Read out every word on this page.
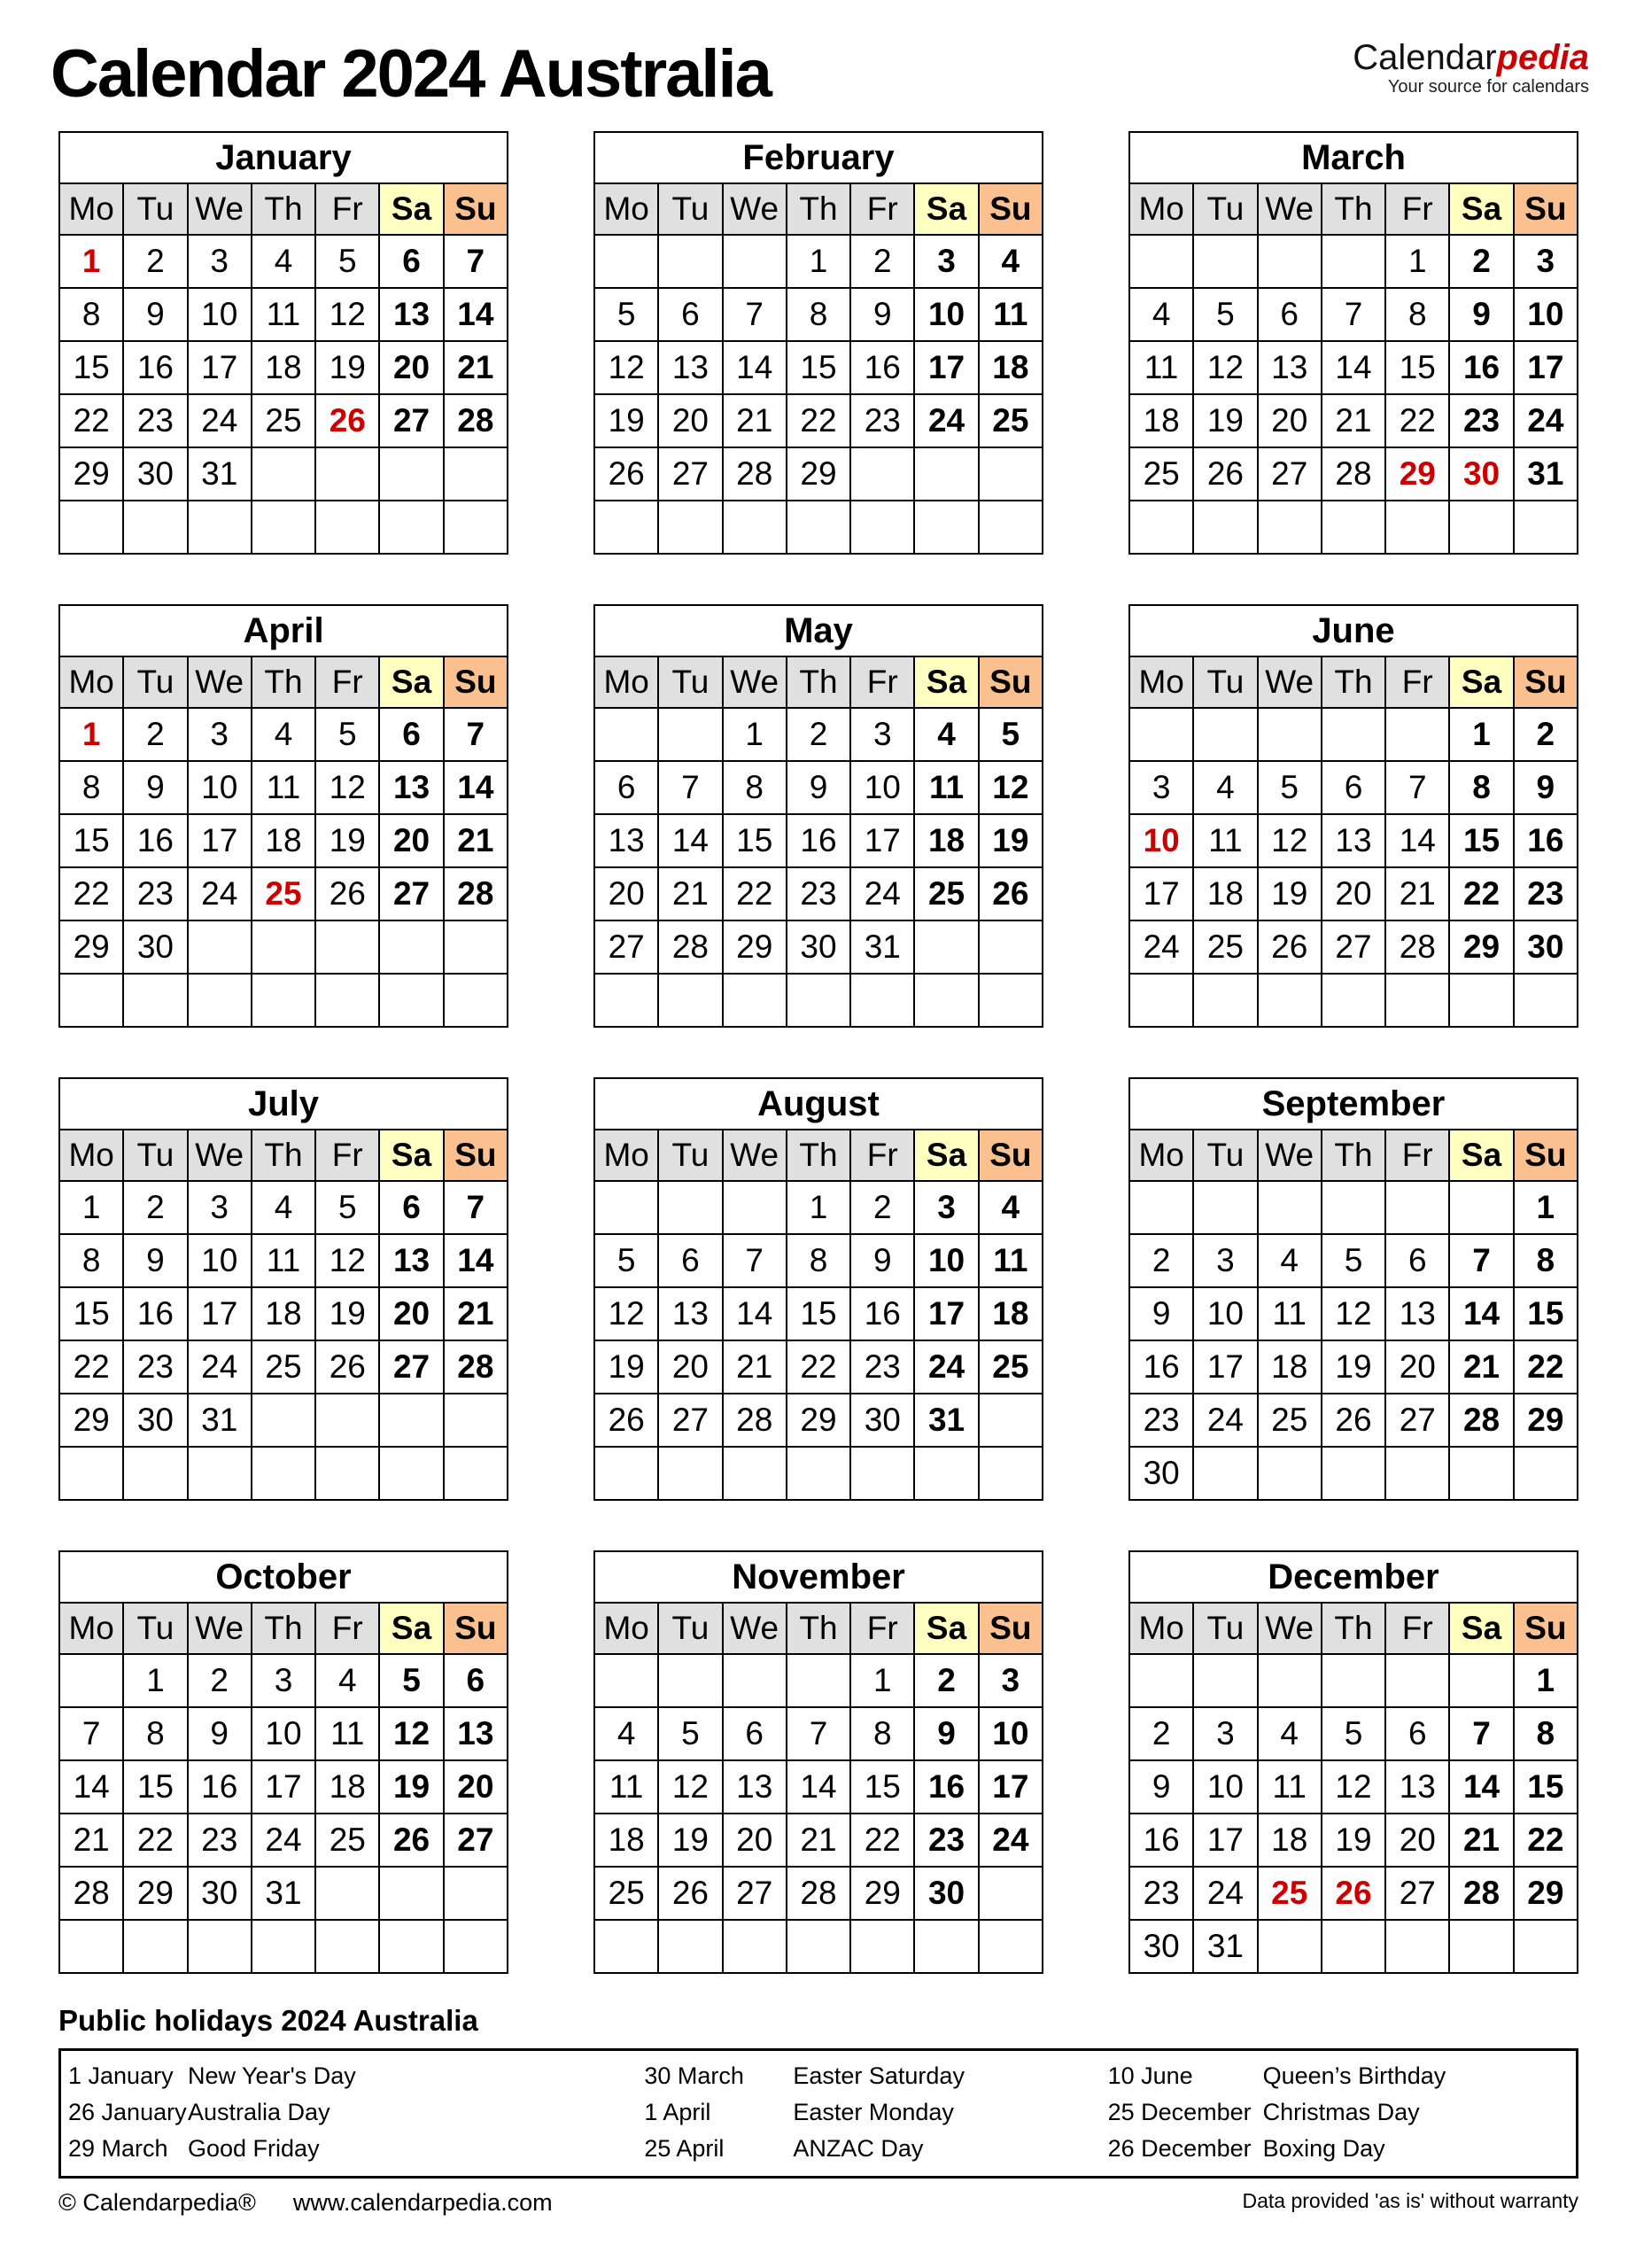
Calendar 2024 Australia	Calendarpedia
Your source for calendars
January						
Mo	Tu	We	Th	Fr	Sa	Su
1	2	3	4	5	6	7
8	9	10	11	12	13	14
15	16	17	18	19	20	21
22	23	24	25	26	27	28
29	30	31				

February						
Mo	Tu	We	Th	Fr	Sa	Su
			1	2	3	4
5	6	7	8	9	10	11
12	13	14	15	16	17	18
19	20	21	22	23	24	25
26	27	28	29			

March						
Mo	Tu	We	Th	Fr	Sa	Su
				1	2	3
4	5	6	7	8	9	10
11	12	13	14	15	16	17
18	19	20	21	22	23	24
25	26	27	28	29	30	31

April						
Mo	Tu	We	Th	Fr	Sa	Su
1	2	3	4	5	6	7
8	9	10	11	12	13	14
15	16	17	18	19	20	21
22	23	24	25	26	27	28
29	30					

May						
Mo	Tu	We	Th	Fr	Sa	Su
		1	2	3	4	5
6	7	8	9	10	11	12
13	14	15	16	17	18	19
20	21	22	23	24	25	26
27	28	29	30	31		

June						
Mo	Tu	We	Th	Fr	Sa	Su
					1	2
3	4	5	6	7	8	9
10	11	12	13	14	15	16
17	18	19	20	21	22	23
24	25	26	27	28	29	30

July						
Mo	Tu	We	Th	Fr	Sa	Su
1	2	3	4	5	6	7
8	9	10	11	12	13	14
15	16	17	18	19	20	21
22	23	24	25	26	27	28
29	30	31				

August						
Mo	Tu	We	Th	Fr	Sa	Su
			1	2	3	4
5	6	7	8	9	10	11
12	13	14	15	16	17	18
19	20	21	22	23	24	25
26	27	28	29	30	31	

September						
Mo	Tu	We	Th	Fr	Sa	Su
						1
2	3	4	5	6	7	8
9	10	11	12	13	14	15
16	17	18	19	20	21	22
23	24	25	26	27	28	29
30						
October						
Mo	Tu	We	Th	Fr	Sa	Su
	1	2	3	4	5	6
7	8	9	10	11	12	13
14	15	16	17	18	19	20
21	22	23	24	25	26	27
28	29	30	31			

November						
Mo	Tu	We	Th	Fr	Sa	Su
				1	2	3
4	5	6	7	8	9	10
11	12	13	14	15	16	17
18	19	20	21	22	23	24
25	26	27	28	29	30	

December						
Mo	Tu	We	Th	Fr	Sa	Su
						1
2	3	4	5	6	7	8
9	10	11	12	13	14	15
16	17	18	19	20	21	22
23	24	25	26	27	28	29
30	31					
Public holidays 2024 Australia
1 January New Year's Day
26 January Australia Day
29 March Good Friday
30 March	Easter Saturday
1 April	Easter Monday
25 April	ANZAC Day
10 June	Queen’s Birthday
25 December Christmas Day
26 December Boxing Day
© Calendarpedia® www.calendarpedia.com	Data provided 'as is' without warranty
